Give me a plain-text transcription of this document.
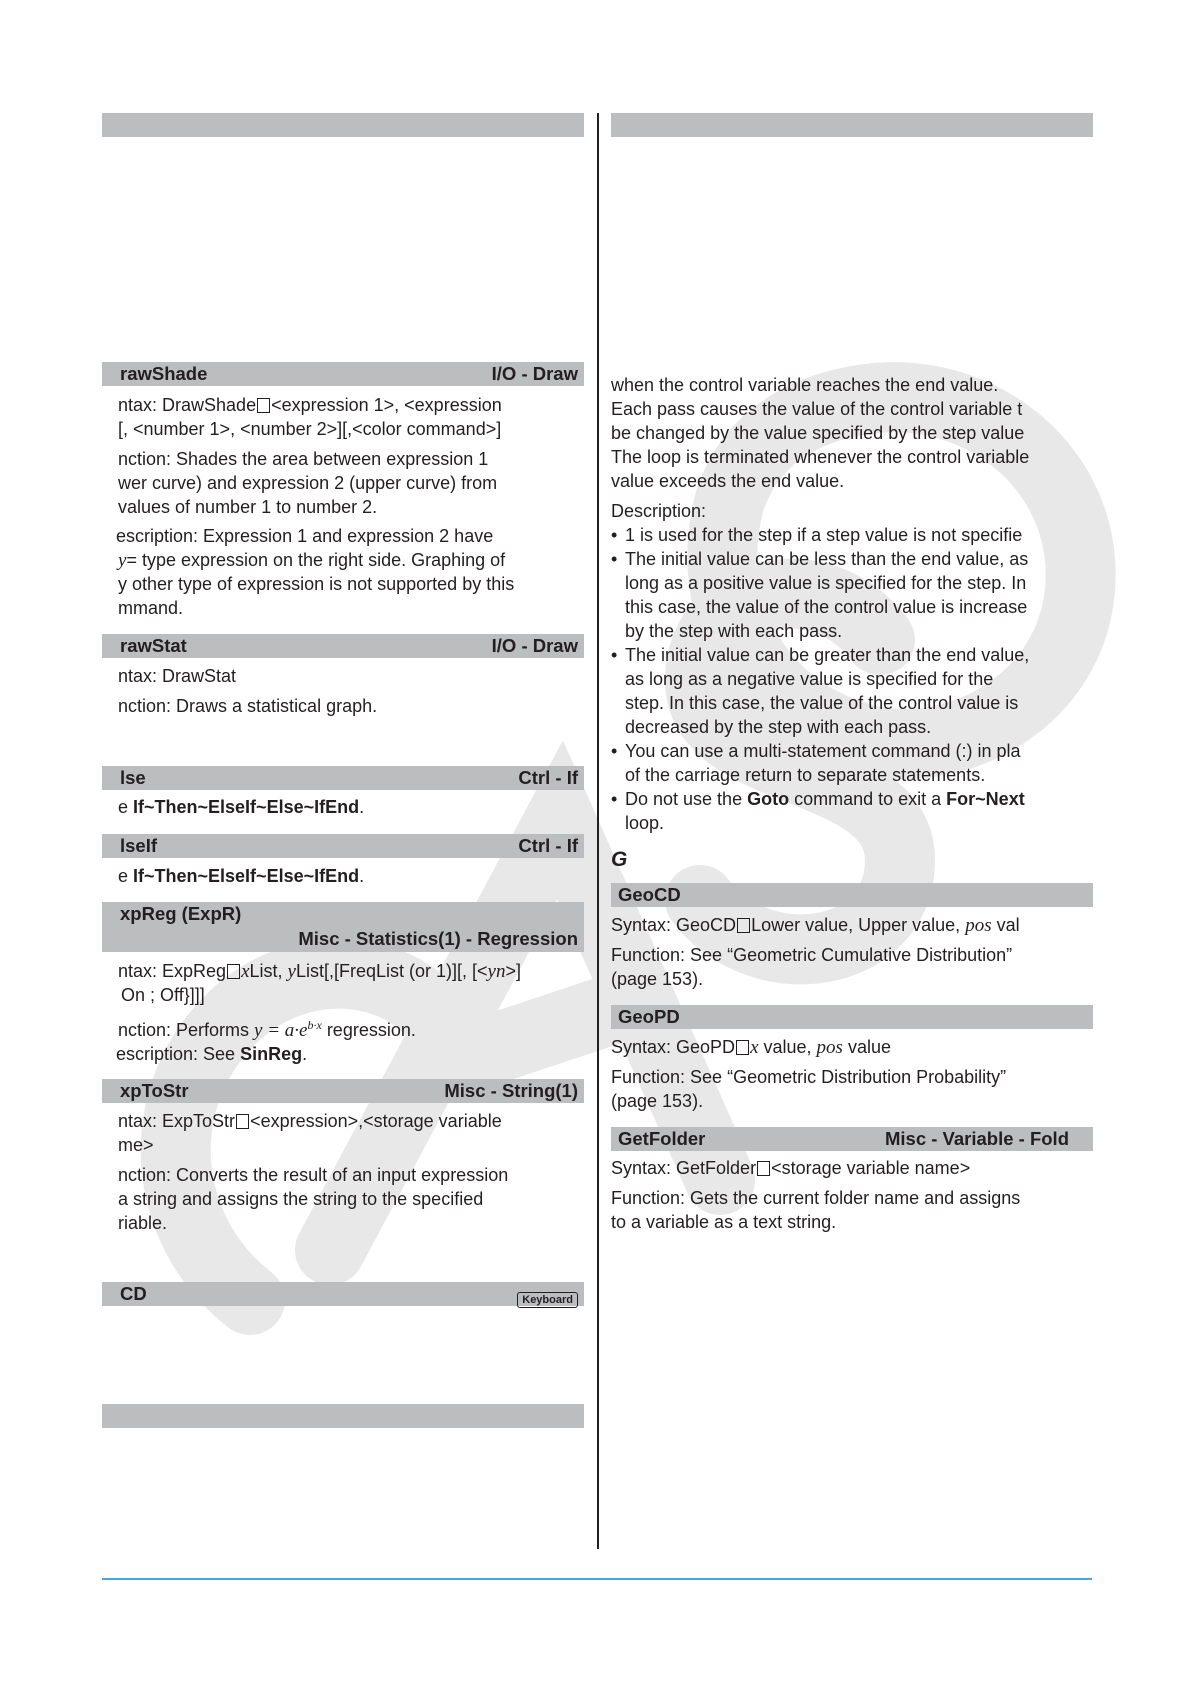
rawShade	I/O - Draw
ntax: DrawShade <expression 1>, <expression
[, <number 1>, <number 2>][,<color command>]
nction: Shades the area between expression 1
wer curve) and expression 2 (upper curve) from
values of number 1 to number 2.
escription: Expression 1 and expression 2 have
y= type expression on the right side. Graphing of
y other type of expression is not supported by this
mmand.
rawStat	I/O - Draw
ntax: DrawStat
nction: Draws a statistical graph.
lse	Ctrl - If
e If~Then~ElseIf~Else~IfEnd.
lseIf	Ctrl - If
e If~Then~ElseIf~Else~IfEnd.
xpReg (ExpR)
Misc - Statistics(1) - Regression
ntax: ExpReg xList, yList[,[FreqList (or 1)][, [<yn>]
On ; Off}]]]
nction: Performs $y = a\cdot e^{b\cdot x}$ regression.
escription: See SinReg.
xpToStr	Misc - String(1)
ntax: ExpToStr <expression>,<storage variable
me>
nction: Converts the result of an input expression
a string and assigns the string to the specified
riable.
CD	Keyboard
when the control variable reaches the end value.
Each pass causes the value of the control variable t
be changed by the value specified by the step value
The loop is terminated whenever the control variable
value exceeds the end value.
Description:
• 1 is used for the step if a step value is not specifie
• The initial value can be less than the end value, as
long as a positive value is specified for the step. In
this case, the value of the control value is increase
by the step with each pass.
• The initial value can be greater than the end value,
as long as a negative value is specified for the
step. In this case, the value of the control value is
decreased by the step with each pass.
• You can use a multi-statement command (:) in pla
of the carriage return to separate statements.
• Do not use the Goto command to exit a For~Next
loop.
G
GeoCD
Syntax: GeoCD Lower value, Upper value, pos val
Function: See “Geometric Cumulative Distribution”
(page 153).
GeoPD
Syntax: GeoPD x value, pos value
Function: See “Geometric Distribution Probability”
(page 153).
GetFolder	Misc - Variable - Fold
Syntax: GetFolder <storage variable name>
Function: Gets the current folder name and assigns
to a variable as a text string.
